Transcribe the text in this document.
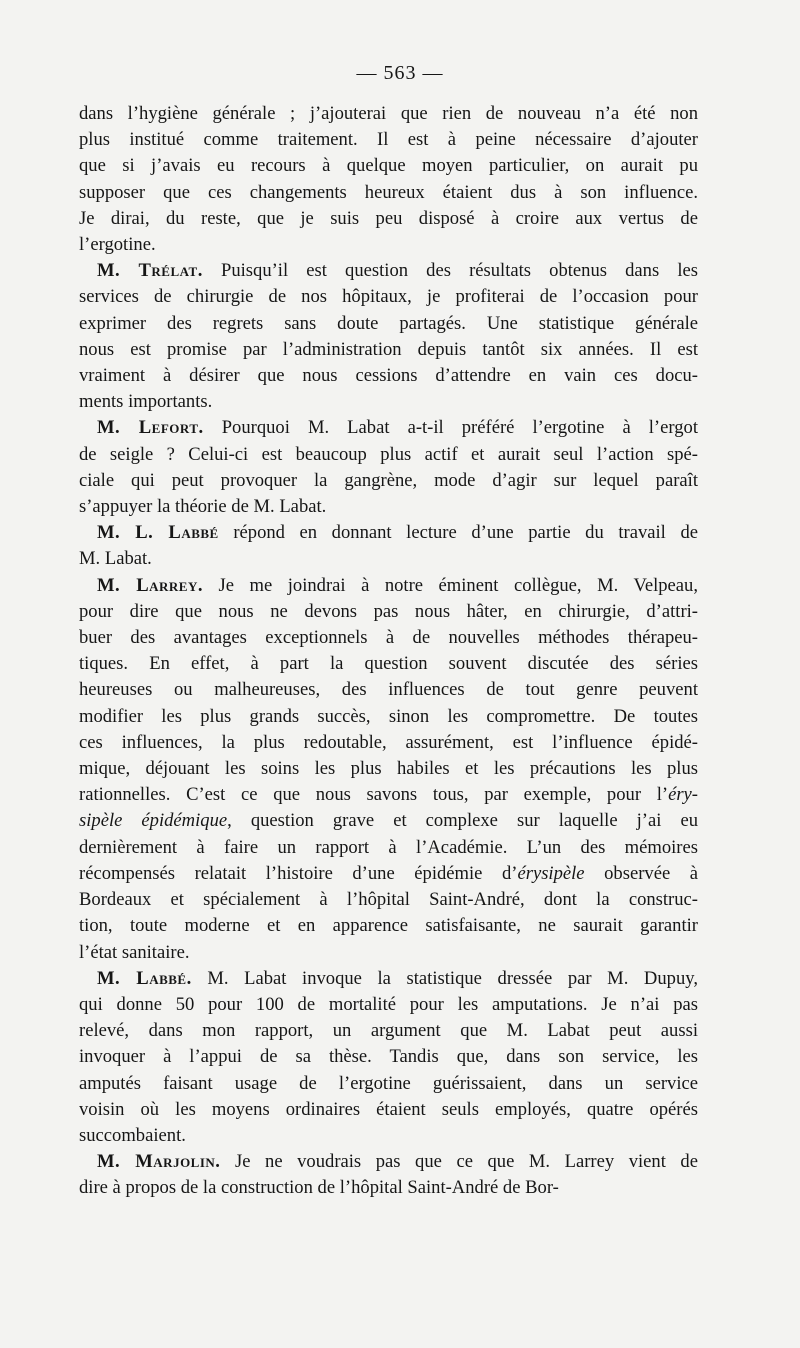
— 563 —
dans l’hygiène générale ; j’ajouterai que rien de nouveau n’a été non
plus institué comme traitement. Il est à peine nécessaire d’ajouter
que si j’avais eu recours à quelque moyen particulier, on aurait pu
supposer que ces changements heureux étaient dus à son influence.
Je dirai, du reste, que je suis peu disposé à croire aux vertus de
l’ergotine.
M. Trélat. Puisqu’il est question des résultats obtenus dans les
services de chirurgie de nos hôpitaux, je profiterai de l’occasion pour
exprimer des regrets sans doute partagés. Une statistique générale
nous est promise par l’administration depuis tantôt six années. Il est
vraiment à désirer que nous cessions d’attendre en vain ces docu-
ments importants.
M. Lefort. Pourquoi M. Labat a-t-il préféré l’ergotine à l’ergot
de seigle ? Celui-ci est beaucoup plus actif et aurait seul l’action spé-
ciale qui peut provoquer la gangrène, mode d’agir sur lequel paraît
s’appuyer la théorie de M. Labat.
M. L. Labbé répond en donnant lecture d’une partie du travail de
M. Labat.
M. Larrey. Je me joindrai à notre éminent collègue, M. Velpeau,
pour dire que nous ne devons pas nous hâter, en chirurgie, d’attri-
buer des avantages exceptionnels à de nouvelles méthodes thérapeu-
tiques. En effet, à part la question souvent discutée des séries
heureuses ou malheureuses, des influences de tout genre peuvent
modifier les plus grands succès, sinon les compromettre. De toutes
ces influences, la plus redoutable, assurément, est l’influence épidé-
mique, déjouant les soins les plus habiles et les précautions les plus
rationnelles. C’est ce que nous savons tous, par exemple, pour l’éry-
sipèle épidémique, question grave et complexe sur laquelle j’ai eu
dernièrement à faire un rapport à l’Académie. L’un des mémoires
récompensés relatait l’histoire d’une épidémie d’érysipèle observée à
Bordeaux et spécialement à l’hôpital Saint-André, dont la construc-
tion, toute moderne et en apparence satisfaisante, ne saurait garantir
l’état sanitaire.
M. Labbé. M. Labat invoque la statistique dressée par M. Dupuy,
qui donne 50 pour 100 de mortalité pour les amputations. Je n’ai pas
relevé, dans mon rapport, un argument que M. Labat peut aussi
invoquer à l’appui de sa thèse. Tandis que, dans son service, les
amputés faisant usage de l’ergotine guérissaient, dans un service
voisin où les moyens ordinaires étaient seuls employés, quatre opérés
succombaient.
M. Marjolin. Je ne voudrais pas que ce que M. Larrey vient de
dire à propos de la construction de l’hôpital Saint-André de Bor-
